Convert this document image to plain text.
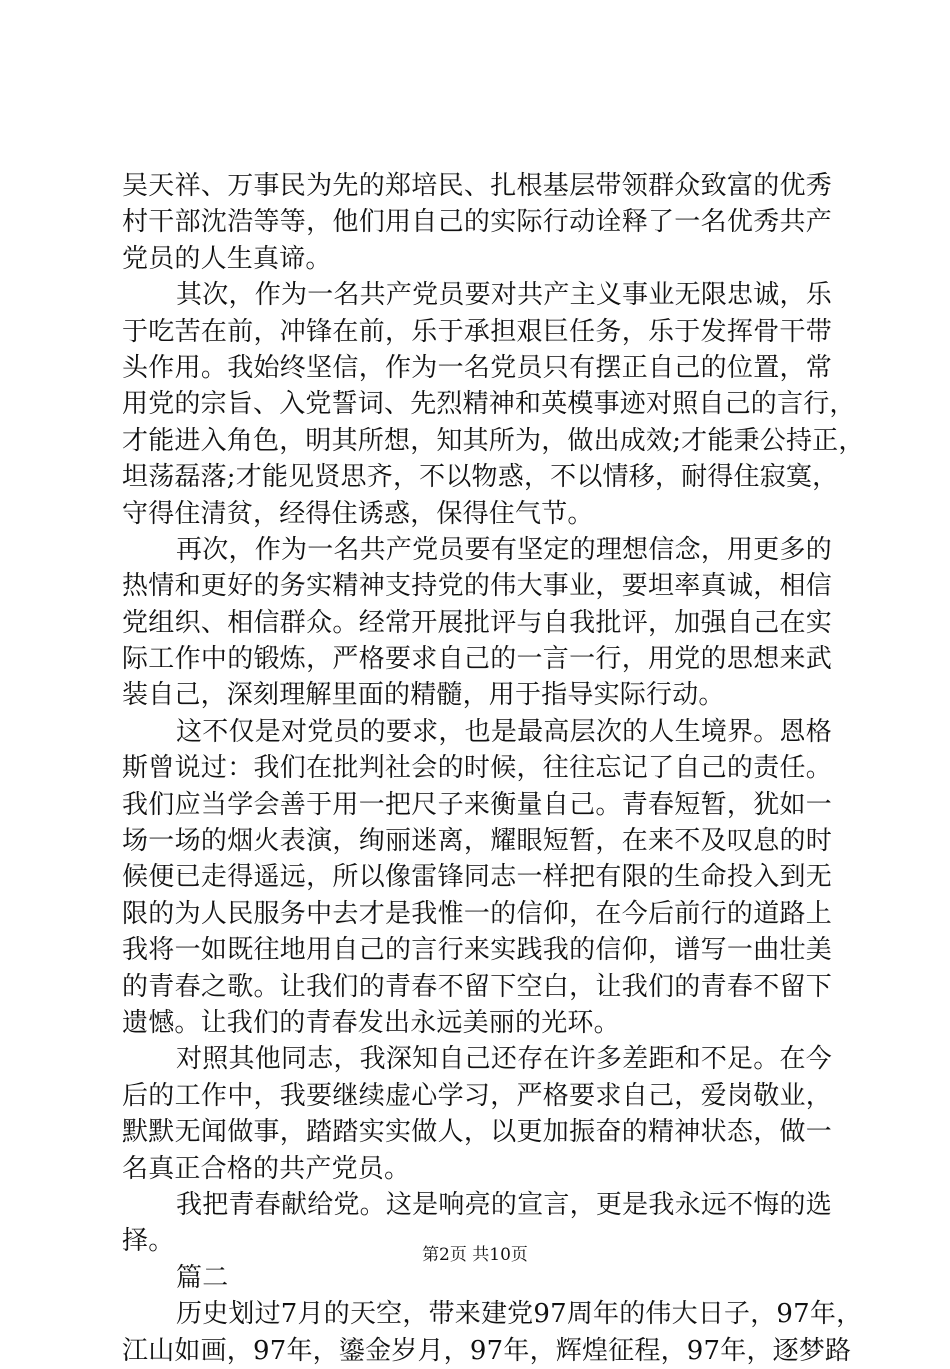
吴天祥、万事民为先的郑培民、扎根基层带领群众致富的优秀
村干部沈浩等等，他们用自己的实际行动诠释了一名优秀共产
党员的人生真谛。
其次，作为一名共产党员要对共产主义事业无限忠诚，乐
于吃苦在前，冲锋在前，乐于承担艰巨任务，乐于发挥骨干带
头作用。我始终坚信，作为一名党员只有摆正自己的位置，常
用党的宗旨、入党誓词、先烈精神和英模事迹对照自己的言行，
才能进入角色，明其所想，知其所为，做出成效;才能秉公持正，
坦荡磊落;才能见贤思齐，不以物惑，不以情移，耐得住寂寞，
守得住清贫，经得住诱惑，保得住气节。
再次，作为一名共产党员要有坚定的理想信念，用更多的
热情和更好的务实精神支持党的伟大事业，要坦率真诚，相信
党组织、相信群众。经常开展批评与自我批评，加强自己在实
际工作中的锻炼，严格要求自己的一言一行，用党的思想来武
装自己，深刻理解里面的精髓，用于指导实际行动。
这不仅是对党员的要求，也是最高层次的人生境界。恩格
斯曾说过：我们在批判社会的时候，往往忘记了自己的责任。
我们应当学会善于用一把尺子来衡量自己。青春短暂，犹如一
场一场的烟火表演，绚丽迷离，耀眼短暂，在来不及叹息的时
候便已走得遥远，所以像雷锋同志一样把有限的生命投入到无
限的为人民服务中去才是我惟一的信仰，在今后前行的道路上
我将一如既往地用自己的言行来实践我的信仰，谱写一曲壮美
的青春之歌。让我们的青春不留下空白，让我们的青春不留下
遗憾。让我们的青春发出永远美丽的光环。
对照其他同志，我深知自己还存在许多差距和不足。在今
后的工作中，我要继续虚心学习，严格要求自己，爱岗敬业，
默默无闻做事，踏踏实实做人，以更加振奋的精神状态，做一
名真正合格的共产党员。
我把青春献给党。这是响亮的宣言，更是我永远不悔的选
择。
篇二
历史划过7月的天空，带来建党97周年的伟大日子，97年，
江山如画，97年，鎏金岁月，97年，辉煌征程，97年，逐梦路
第2页 共10页
